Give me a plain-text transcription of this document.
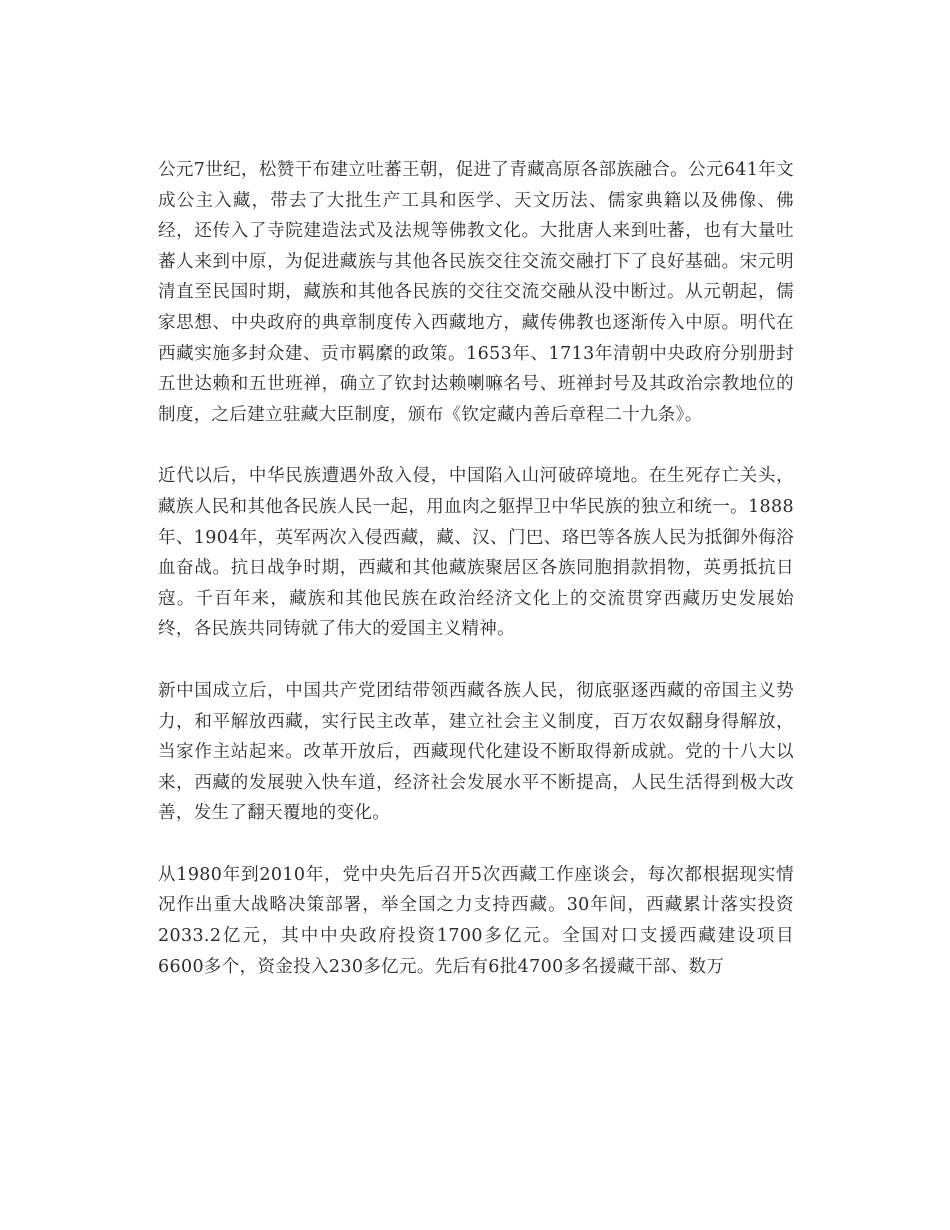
公元7世纪，松赞干布建立吐蕃王朝，促进了青藏高原各部族融合。公元641年文成公主入藏，带去了大批生产工具和医学、天文历法、儒家典籍以及佛像、佛经，还传入了寺院建造法式及法规等佛教文化。大批唐人来到吐蕃，也有大量吐蕃人来到中原，为促进藏族与其他各民族交往交流交融打下了良好基础。宋元明清直至民国时期，藏族和其他各民族的交往交流交融从没中断过。从元朝起，儒家思想、中央政府的典章制度传入西藏地方，藏传佛教也逐渐传入中原。明代在西藏实施多封众建、贡市羁縻的政策。1653年、1713年清朝中央政府分别册封五世达赖和五世班禅，确立了钦封达赖喇嘛名号、班禅封号及其政治宗教地位的制度，之后建立驻藏大臣制度，颁布《钦定藏内善后章程二十九条》。

近代以后，中华民族遭遇外敌入侵，中国陷入山河破碎境地。在生死存亡关头，藏族人民和其他各民族人民一起，用血肉之躯捍卫中华民族的独立和统一。1888年、1904年，英军两次入侵西藏，藏、汉、门巴、珞巴等各族人民为抵御外侮浴血奋战。抗日战争时期，西藏和其他藏族聚居区各族同胞捐款捐物，英勇抵抗日寇。千百年来，藏族和其他民族在政治经济文化上的交流贯穿西藏历史发展始终，各民族共同铸就了伟大的爱国主义精神。

新中国成立后，中国共产党团结带领西藏各族人民，彻底驱逐西藏的帝国主义势力，和平解放西藏，实行民主改革，建立社会主义制度，百万农奴翻身得解放，当家作主站起来。改革开放后，西藏现代化建设不断取得新成就。党的十八大以来，西藏的发展驶入快车道，经济社会发展水平不断提高，人民生活得到极大改善，发生了翻天覆地的变化。

从1980年到2010年，党中央先后召开5次西藏工作座谈会，每次都根据现实情况作出重大战略决策部署，举全国之力支持西藏。30年间，西藏累计落实投资2033.2亿元，其中中央政府投资1700多亿元。全国对口支援西藏建设项目6600多个，资金投入230多亿元。先后有6批4700多名援藏干部、数万
